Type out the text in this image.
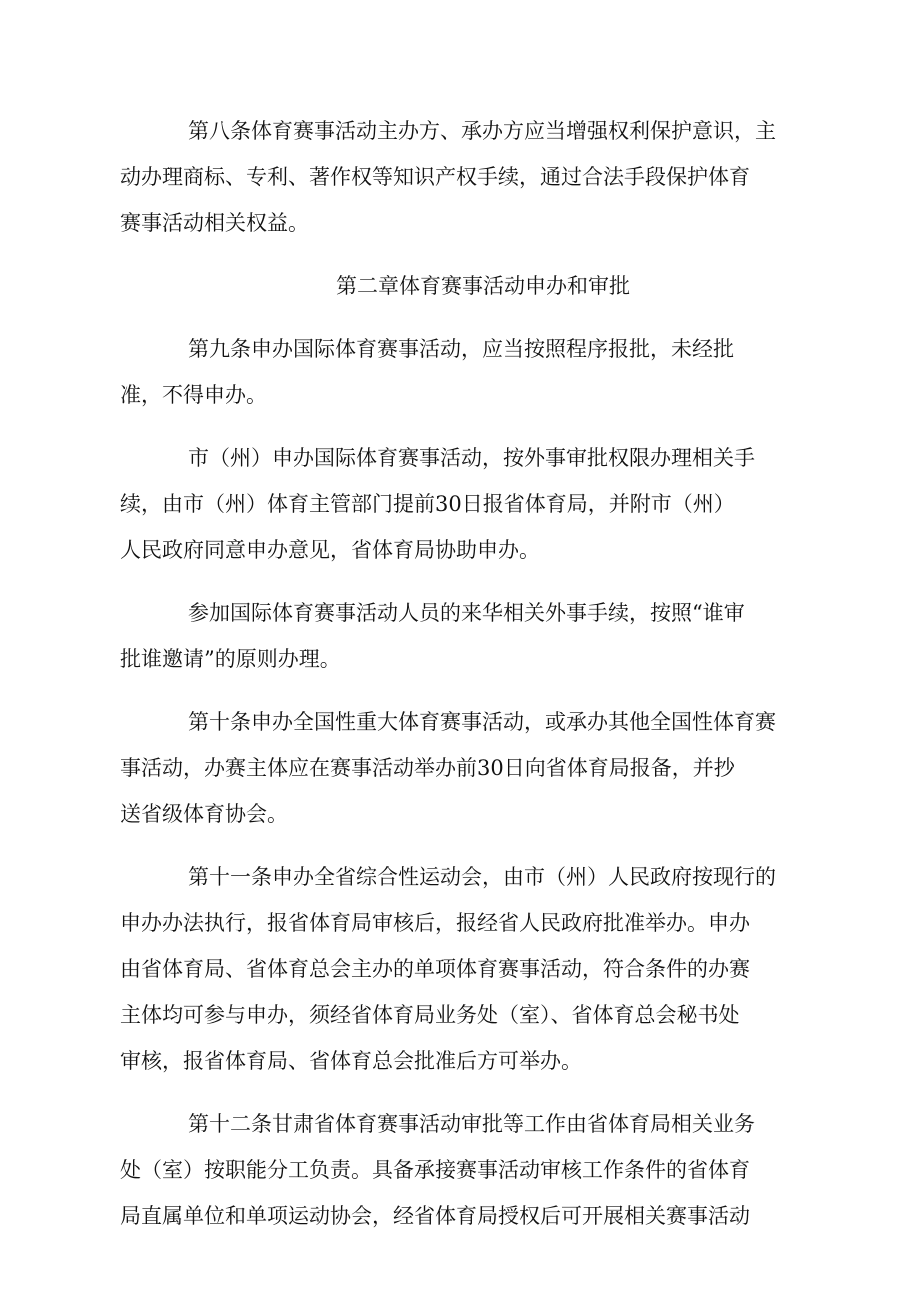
第八条体育赛事活动主办方、承办方应当增强权利保护意识，主
动办理商标、专利、著作权等知识产权手续，通过合法手段保护体育
赛事活动相关权益。

第二章体育赛事活动申办和审批

第九条申办国际体育赛事活动，应当按照程序报批，未经批
准，不得申办。

市（州）申办国际体育赛事活动，按外事审批权限办理相关手
续，由市（州）体育主管部门提前30日报省体育局，并附市（州）
人民政府同意申办意见，省体育局协助申办。

参加国际体育赛事活动人员的来华相关外事手续，按照“谁审
批谁邀请”的原则办理。

第十条申办全国性重大体育赛事活动，或承办其他全国性体育赛
事活动，办赛主体应在赛事活动举办前30日向省体育局报备，并抄
送省级体育协会。

第十一条申办全省综合性运动会，由市（州）人民政府按现行的
申办办法执行，报省体育局审核后，报经省人民政府批准举办。申办
由省体育局、省体育总会主办的单项体育赛事活动，符合条件的办赛
主体均可参与申办，须经省体育局业务处（室）、省体育总会秘书处
审核，报省体育局、省体育总会批准后方可举办。

第十二条甘肃省体育赛事活动审批等工作由省体育局相关业务
处（室）按职能分工负责。具备承接赛事活动审核工作条件的省体育
局直属单位和单项运动协会，经省体育局授权后可开展相关赛事活动
